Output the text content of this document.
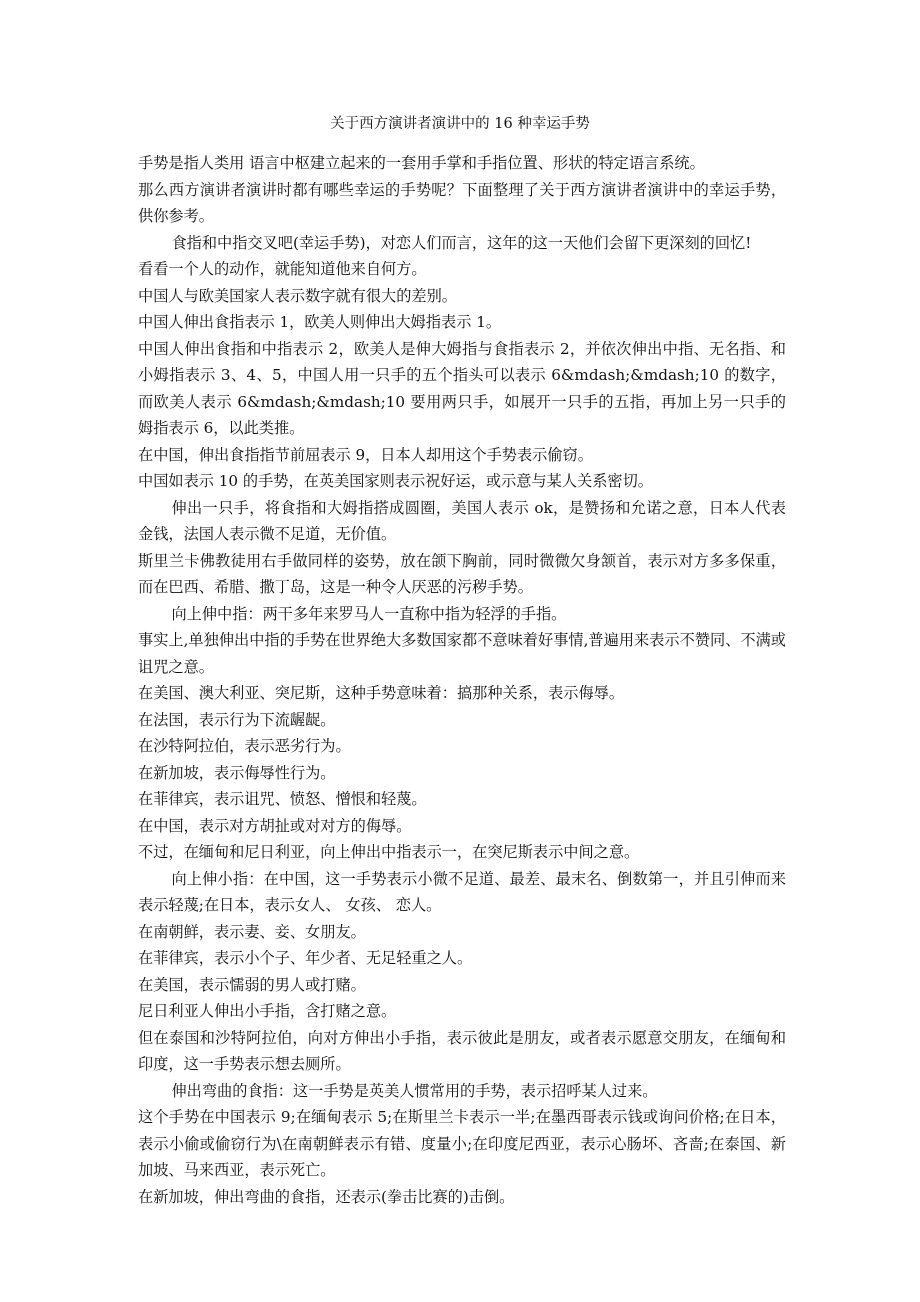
关于西方演讲者演讲中的 16 种幸运手势

手势是指人类用 语言中枢建立起来的一套用手掌和手指位置、形状的特定语言系统。

那么西方演讲者演讲时都有哪些幸运的手势呢？下面整理了关于西方演讲者演讲中的幸运手势，供你参考。

食指和中指交叉吧(幸运手势)，对恋人们而言，这年的这一天他们会留下更深刻的回忆!

看看一个人的动作，就能知道他来自何方。

中国人与欧美国家人表示数字就有很大的差别。

中国人伸出食指表示 1，欧美人则伸出大姆指表示 1。

中国人伸出食指和中指表示 2，欧美人是伸大姆指与食指表示 2，并依次伸出中指、无名指、和小姆指表示 3、4、5，中国人用一只手的五个指头可以表示 6&mdash;&mdash;10 的数字，而欧美人表示 6&mdash;&mdash;10 要用两只手，如展开一只手的五指，再加上另一只手的姆指表示 6，以此类推。

在中国，伸出食指指节前屈表示 9，日本人却用这个手势表示偷窃。

中国如表示 10 的手势，在英美国家则表示祝好运，或示意与某人关系密切。

伸出一只手，将食指和大姆指搭成圆圈，美国人表示 ok，是赞扬和允诺之意，日本人代表金钱，法国人表示微不足道，无价值。

斯里兰卡佛教徒用右手做同样的姿势，放在颌下胸前，同时微微欠身颔首，表示对方多多保重，而在巴西、希腊、撒丁岛，这是一种令人厌恶的污秽手势。

向上伸中指：两干多年来罗马人一直称中指为轻浮的手指。

事实上,单独伸出中指的手势在世界绝大多数国家都不意味着好事情,普遍用来表示不赞同、不满或诅咒之意。

在美国、澳大利亚、突尼斯，这种手势意味着：搞那种关系，表示侮辱。

在法国，表示行为下流龌龊。

在沙特阿拉伯，表示恶劣行为。

在新加坡，表示侮辱性行为。

在菲律宾，表示诅咒、愤怒、憎恨和轻蔑。

在中国，表示对方胡扯或对对方的侮辱。

不过，在缅甸和尼日利亚，向上伸出中指表示一，在突尼斯表示中间之意。

向上伸小指：在中国，这一手势表示小微不足道、最差、最末名、倒数第一，并且引伸而来表示轻蔑;在日本，表示女人、 女孩、 恋人。

在南朝鲜，表示妻、妾、女朋友。

在菲律宾，表示小个子、年少者、无足轻重之人。

在美国，表示懦弱的男人或打赌。

尼日利亚人伸出小手指，含打赌之意。

但在泰国和沙特阿拉伯，向对方伸出小手指，表示彼此是朋友，或者表示愿意交朋友，在缅甸和印度，这一手势表示想去厕所。

伸出弯曲的食指：这一手势是英美人惯常用的手势，表示招呼某人过来。

这个手势在中国表示 9;在缅甸表示 5;在斯里兰卡表示一半;在墨西哥表示钱或询问价格;在日本，表示小偷或偷窃行为\在南朝鲜表示有错、度量小;在印度尼西亚，表示心肠坏、吝啬;在泰国、新加坡、马来西亚，表示死亡。

在新加坡，伸出弯曲的食指，还表示(拳击比赛的)击倒。
